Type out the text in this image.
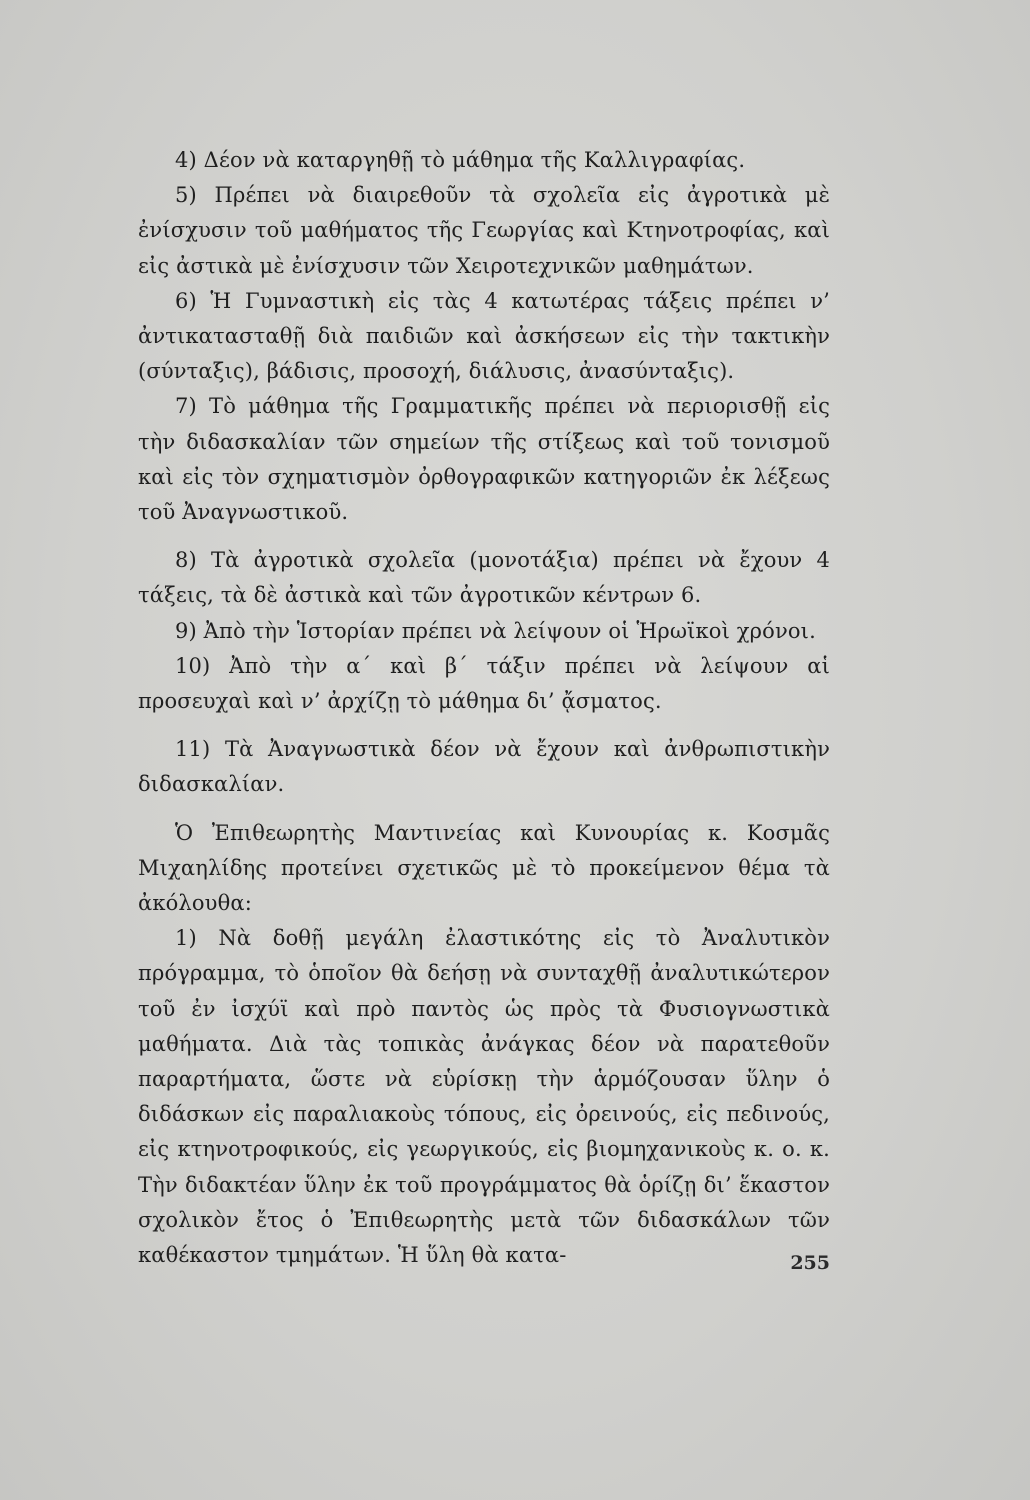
4) Δέον νὰ καταργηθῇ τὸ μάθημα τῆς Καλλιγραφίας.

5) Πρέπει νὰ διαιρεθοῦν τὰ σχολεῖα εἰς ἀγροτικὰ μὲ ἐνίσχυσιν τοῦ μαθήματος τῆς Γεωργίας καὶ Κτηνοτροφίας, καὶ εἰς ἀστικὰ μὲ ἐνίσχυσιν τῶν Χειροτεχνικῶν μαθημάτων.

6) Ἡ Γυμναστικὴ εἰς τὰς 4 κατωτέρας τάξεις πρέπει ν’ ἀντικατασταθῇ διὰ παιδιῶν καὶ ἀσκήσεων εἰς τὴν τακτικὴν (σύνταξις), βάδισις, προσοχή, διάλυσις, ἀνασύνταξις).

7) Τὸ μάθημα τῆς Γραμματικῆς πρέπει νὰ περιορισθῇ εἰς τὴν διδασκαλίαν τῶν σημείων τῆς στίξεως καὶ τοῦ τονισμοῦ καὶ εἰς τὸν σχηματισμὸν ὀρθογραφικῶν κατηγοριῶν ἐκ λέξεως τοῦ Ἀναγνωστικοῦ.

8) Τὰ ἀγροτικὰ σχολεῖα (μονοτάξια) πρέπει νὰ ἔχουν 4 τάξεις, τὰ δὲ ἀστικὰ καὶ τῶν ἀγροτικῶν κέντρων 6.

9) Ἀπὸ τὴν Ἱστορίαν πρέπει νὰ λείψουν οἱ Ἡρωϊκοὶ χρόνοι.

10) Ἀπὸ τὴν α΄ καὶ β΄ τάξιν πρέπει νὰ λείψουν αἱ προσευχαὶ καὶ ν’ ἀρχίζῃ τὸ μάθημα δι’ ᾄσματος.

11) Τὰ Ἀναγνωστικὰ δέον νὰ ἔχουν καὶ ἀνθρωπιστικὴν διδασκαλίαν.

Ὁ Ἐπιθεωρητὴς Μαντινείας καὶ Κυνουρίας κ. Κοσμᾶς Μιχαηλίδης προτείνει σχετικῶς μὲ τὸ προκείμενον θέμα τὰ ἀκόλουθα:

1) Νὰ δοθῇ μεγάλη ἐλαστικότης εἰς τὸ Ἀναλυτικὸν πρόγραμμα, τὸ ὁποῖον θὰ δεήσῃ νὰ συνταχθῇ ἀναλυτικώτερον τοῦ ἐν ἰσχύϊ καὶ πρὸ παντὸς ὡς πρὸς τὰ Φυσιογνωστικὰ μαθήματα. Διὰ τὰς τοπικὰς ἀνάγκας δέον νὰ παρατεθοῦν παραρτήματα, ὥστε νὰ εὑρίσκῃ τὴν ἁρμόζουσαν ὕλην ὁ διδάσκων εἰς παραλιακοὺς τόπους, εἰς ὀρεινούς, εἰς πεδινούς, εἰς κτηνοτροφικούς, εἰς γεωργικούς, εἰς βιομηχανικοὺς κ. ο. κ. Τὴν διδακτέαν ὕλην ἐκ τοῦ προγράμματος θὰ ὁρίζῃ δι’ ἕκαστον σχολικὸν ἔτος ὁ Ἐπιθεωρητὴς μετὰ τῶν διδασκάλων τῶν καθέκαστον τμημάτων. Ἡ ὕλη θὰ κατα-	255
